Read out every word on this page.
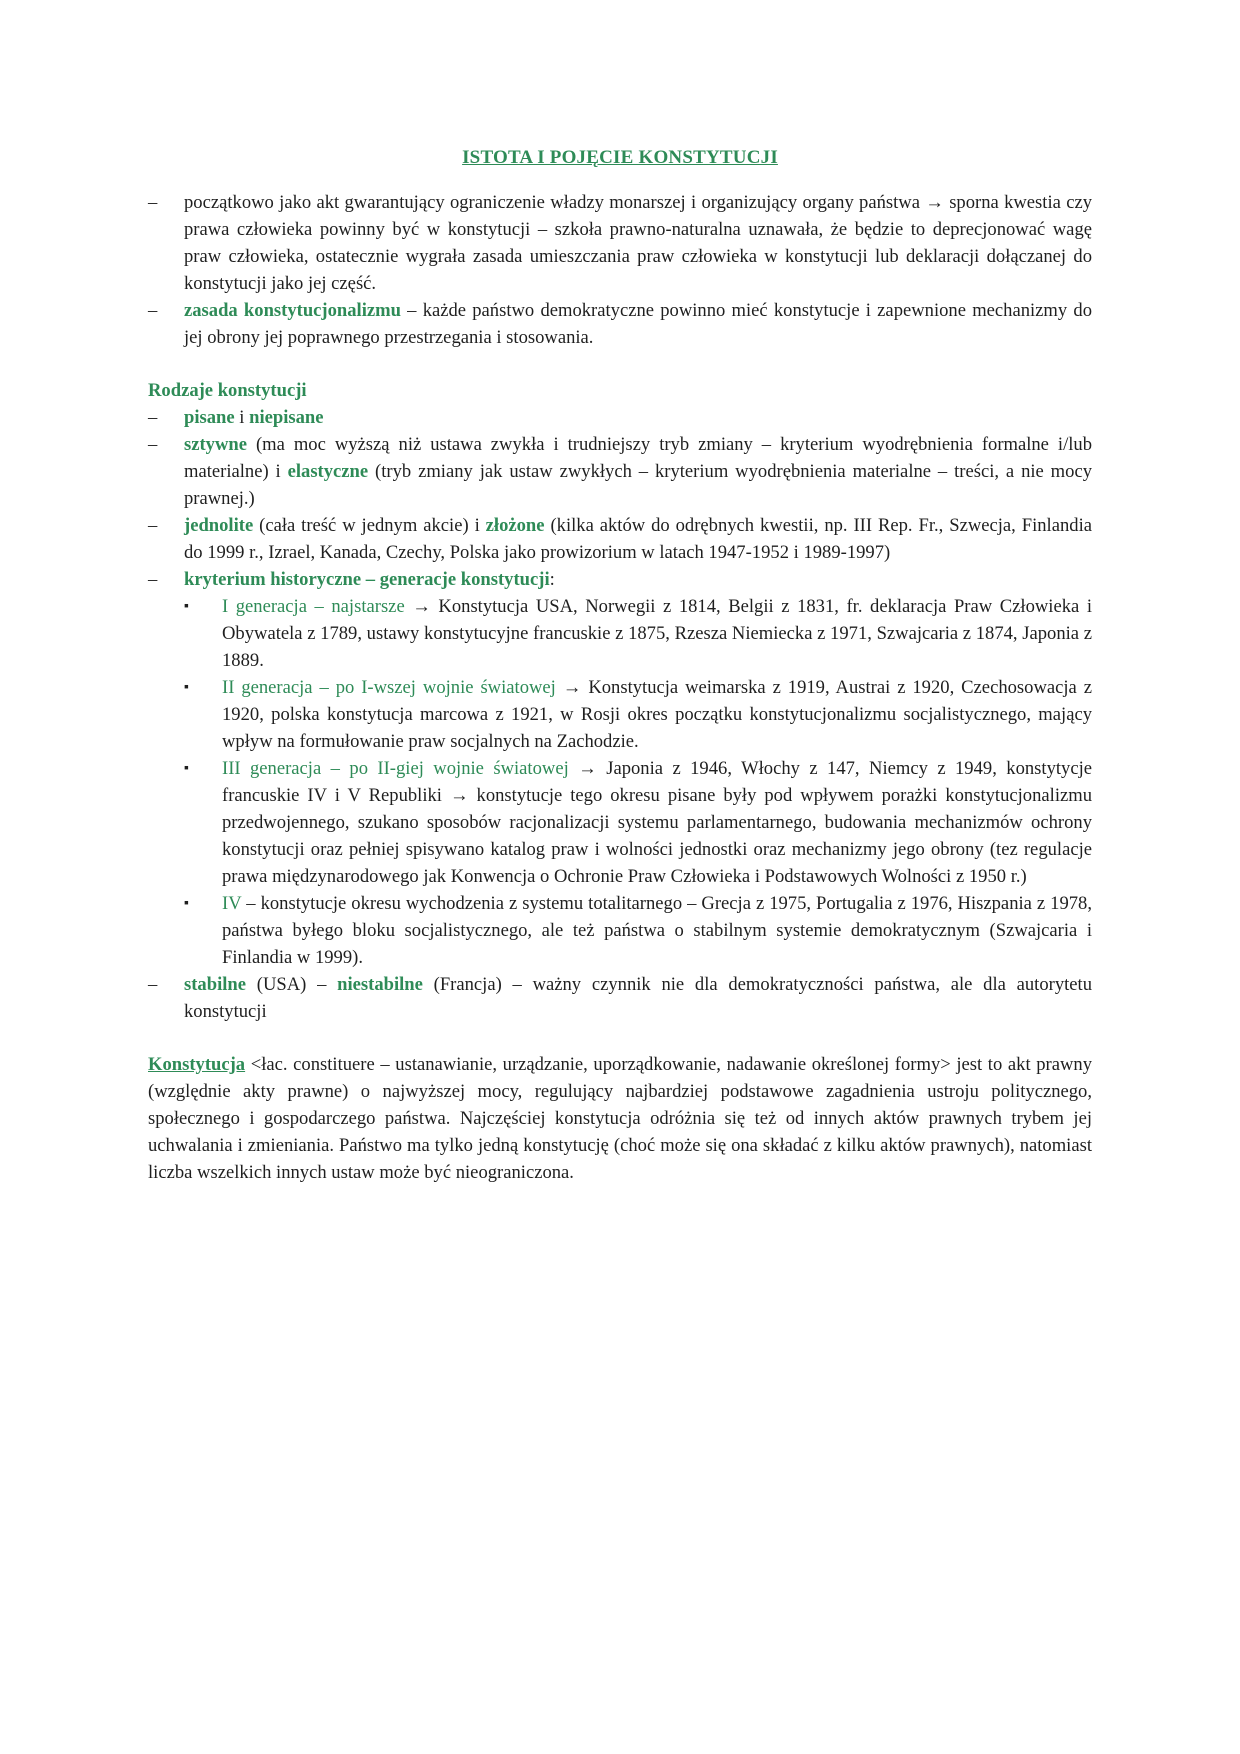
ISTOTA I POJĘCIE KONSTYTUCJI
–	początkowo jako akt gwarantujący ograniczenie władzy monarszej i organizujący organy państwa → sporna kwestia czy prawa człowieka powinny być w konstytucji – szkoła prawno-naturalna uznawała, że będzie to deprecjonować wagę praw człowieka, ostatecznie wygrała zasada umieszczania praw człowieka w konstytucji lub deklaracji dołączanej do konstytucji jako jej część.
–	zasada konstytucjonalizmu – każde państwo demokratyczne powinno mieć konstytucje i zapewnione mechanizmy do jej obrony jej poprawnego przestrzegania i stosowania.

Rodzaje konstytucji

–	pisane i niepisane
–	sztywne (ma moc wyższą niż ustawa zwykła i trudniejszy tryb zmiany – kryterium wyodrębnienia formalne i/lub materialne) i elastyczne (tryb zmiany jak ustaw zwykłych – kryterium wyodrębnienia materialne – treści, a nie mocy prawnej.)
–	jednolite (cała treść w jednym akcie) i złożone (kilka aktów do odrębnych kwestii, np. III Rep. Fr., Szwecja, Finlandia do 1999 r., Izrael, Kanada, Czechy, Polska jako prowizorium w latach 1947-1952 i 1989-1997)
–	kryterium historyczne – generacje konstytucji:
▪ I generacja – najstarsze → Konstytucja USA, Norwegii z 1814, Belgii z 1831, fr. deklaracja Praw Człowieka i Obywatela z 1789, ustawy konstytucyjne francuskie z 1875, Rzesza Niemiecka z 1971, Szwajcaria z 1874, Japonia z 1889.
▪ II generacja – po I-wszej wojnie światowej → Konstytucja weimarska z 1919, Austrai z 1920, Czechosowacja z 1920, polska konstytucja marcowa z 1921, w Rosji okres początku konstytucjonalizmu socjalistycznego, mający wpływ na formułowanie praw socjalnych na Zachodzie.
▪ III generacja – po II-giej wojnie światowej → Japonia z 1946, Włochy z 147, Niemcy z 1949, konstytycje francuskie IV i V Republiki → konstytucje tego okresu pisane były pod wpływem porażki konstytucjonalizmu przedwojennego, szukano sposobów racjonalizacji systemu parlamentarnego, budowania mechanizmów ochrony konstytucji oraz pełniej spisywano katalog praw i wolności jednostki oraz mechanizmy jego obrony (tez regulacje prawa międzynarodowego jak Konwencja o Ochronie Praw Człowieka i Podstawowych Wolności z 1950 r.)
▪ IV – konstytucje okresu wychodzenia z systemu totalitarnego – Grecja z 1975, Portugalia z 1976, Hiszpania z 1978, państwa byłego bloku socjalistycznego, ale też państwa o stabilnym systemie demokratycznym (Szwajcaria i Finlandia w 1999).
–	stabilne (USA) – niestabilne (Francja) – ważny czynnik nie dla demokratyczności państwa, ale dla autorytetu konstytucji

Konstytucja <łac. constituere – ustanawianie, urządzanie, uporządkowanie, nadawanie określonej formy> jest to akt prawny (względnie akty prawne) o najwyższej mocy, regulujący najbardziej podstawowe zagadnienia ustroju politycznego, społecznego i gospodarczego państwa. Najczęściej konstytucja odróżnia się też od innych aktów prawnych trybem jej uchwalania i zmieniania. Państwo ma tylko jedną konstytucję (choć może się ona składać z kilku aktów prawnych), natomiast liczba wszelkich innych ustaw może być nieograniczona.
